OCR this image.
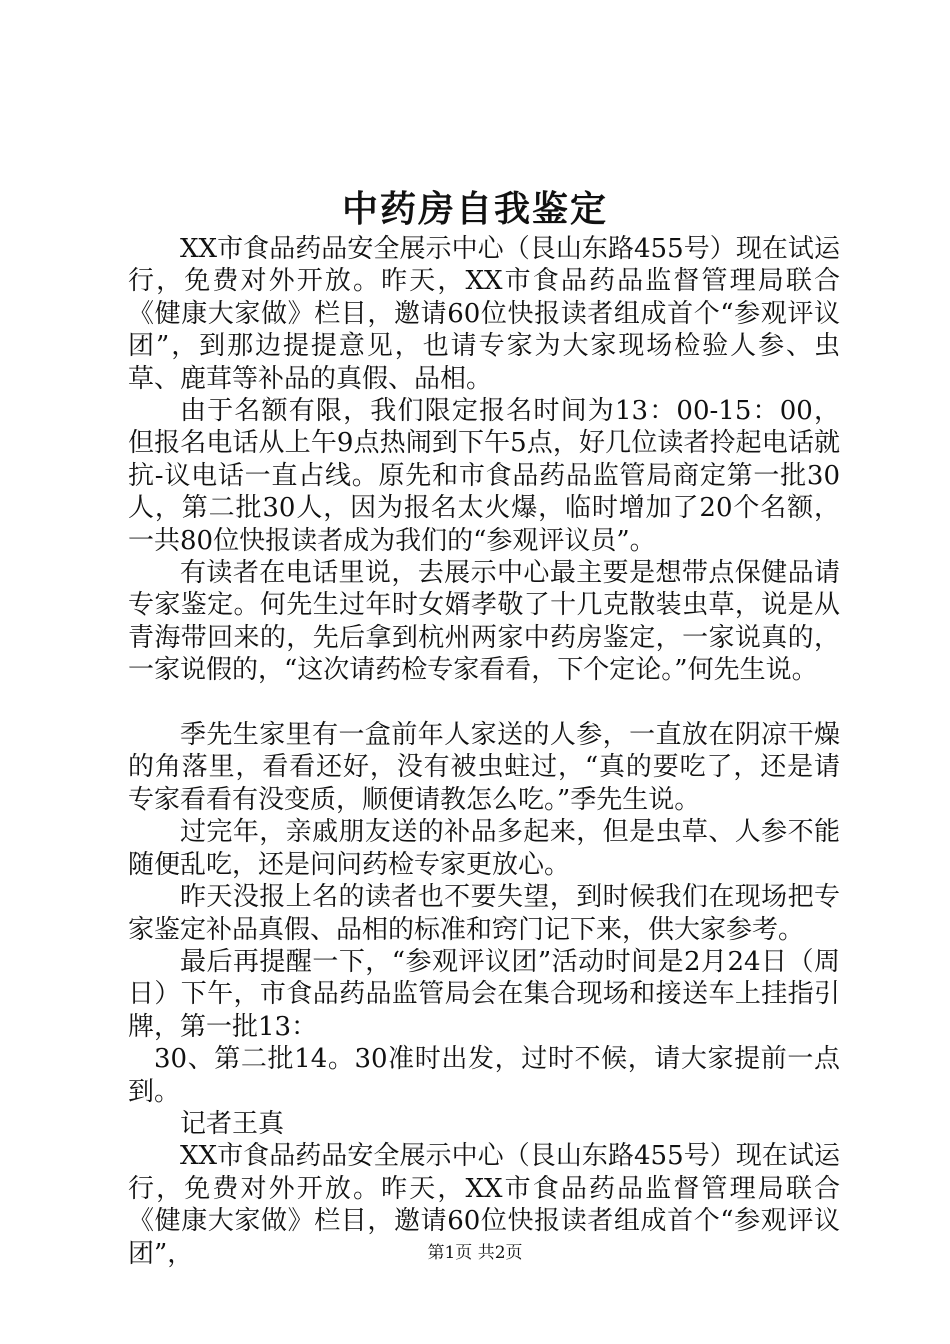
中药房自我鉴定

XX市食品药品安全展示中心（艮山东路455号）现在试运行，免费对外开放。昨天，XX市食品药品监督管理局联合《健康大家做》栏目，邀请60位快报读者组成首个“参观评议团”，到那边提提意见，也请专家为大家现场检验人参、虫草、鹿茸等补品的真假、品相。

由于名额有限，我们限定报名时间为13：00-15：00，但报名电话从上午9点热闹到下午5点，好几位读者拎起电话就抗-议电话一直占线。原先和市食品药品监管局商定第一批30人，第二批30人，因为报名太火爆，临时增加了20个名额，一共80位快报读者成为我们的“参观评议员”。

有读者在电话里说，去展示中心最主要是想带点保健品请专家鉴定。何先生过年时女婿孝敬了十几克散装虫草，说是从青海带回来的，先后拿到杭州两家中药房鉴定，一家说真的，一家说假的，“这次请药检专家看看，下个定论。”何先生说。

季先生家里有一盒前年人家送的人参，一直放在阴凉干燥的角落里，看看还好，没有被虫蛀过，“真的要吃了，还是请专家看看有没变质，顺便请教怎么吃。”季先生说。

过完年，亲戚朋友送的补品多起来，但是虫草、人参不能随便乱吃，还是问问药检专家更放心。

昨天没报上名的读者也不要失望，到时候我们在现场把专家鉴定补品真假、品相的标准和窍门记下来，供大家参考。

最后再提醒一下，“参观评议团”活动时间是2月24日（周日）下午，市食品药品监管局会在集合现场和接送车上挂指引牌，第一批13：

30、第二批14。30准时出发，过时不候，请大家提前一点到。

记者王真

XX市食品药品安全展示中心（艮山东路455号）现在试运行，免费对外开放。昨天，XX市食品药品监督管理局联合《健康大家做》栏目，邀请60位快报读者组成首个“参观评议团”，	第1页 共2页
